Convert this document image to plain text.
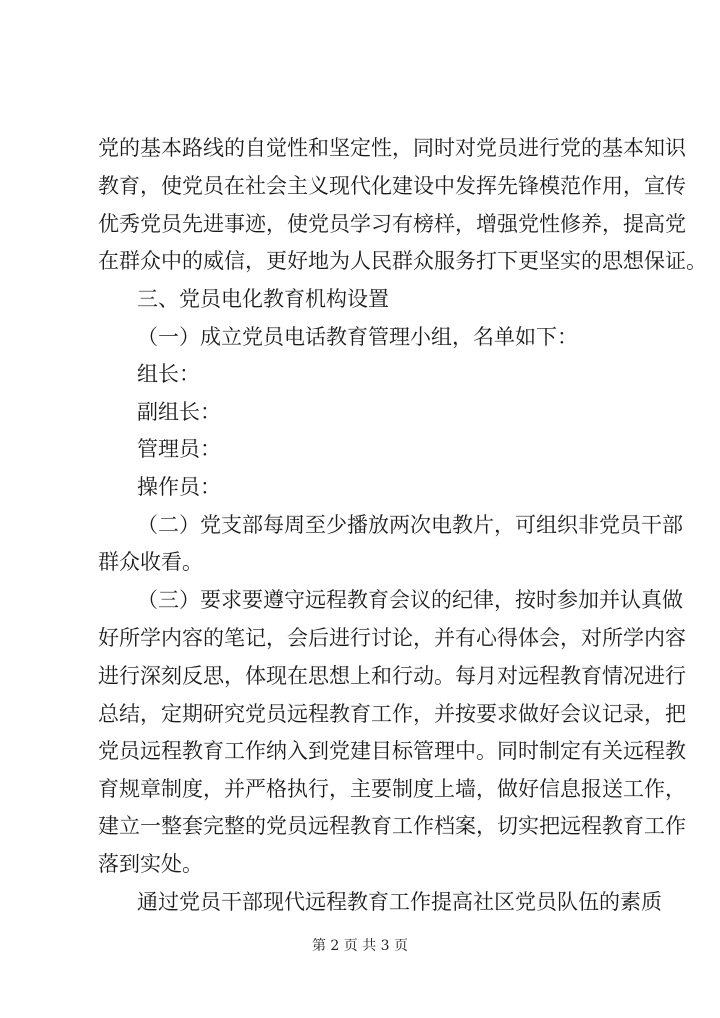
党的基本路线的自觉性和坚定性，同时对党员进行党的基本知识
教育，使党员在社会主义现代化建设中发挥先锋模范作用，宣传
优秀党员先进事迹，使党员学习有榜样，增强党性修养，提高党
在群众中的威信，更好地为人民群众服务打下更坚实的思想保证。
三、党员电化教育机构设置
（一）成立党员电话教育管理小组，名单如下：
组长：
副组长：
管理员：
操作员：
（二）党支部每周至少播放两次电教片，可组织非党员干部
群众收看。
（三）要求要遵守远程教育会议的纪律，按时参加并认真做
好所学内容的笔记，会后进行讨论，并有心得体会，对所学内容
进行深刻反思，体现在思想上和行动。每月对远程教育情况进行
总结，定期研究党员远程教育工作，并按要求做好会议记录，把
党员远程教育工作纳入到党建目标管理中。同时制定有关远程教
育规章制度，并严格执行，主要制度上墙，做好信息报送工作，
建立一整套完整的党员远程教育工作档案，切实把远程教育工作
落到实处。
通过党员干部现代远程教育工作提高社区党员队伍的素质
第 2 页 共 3 页
